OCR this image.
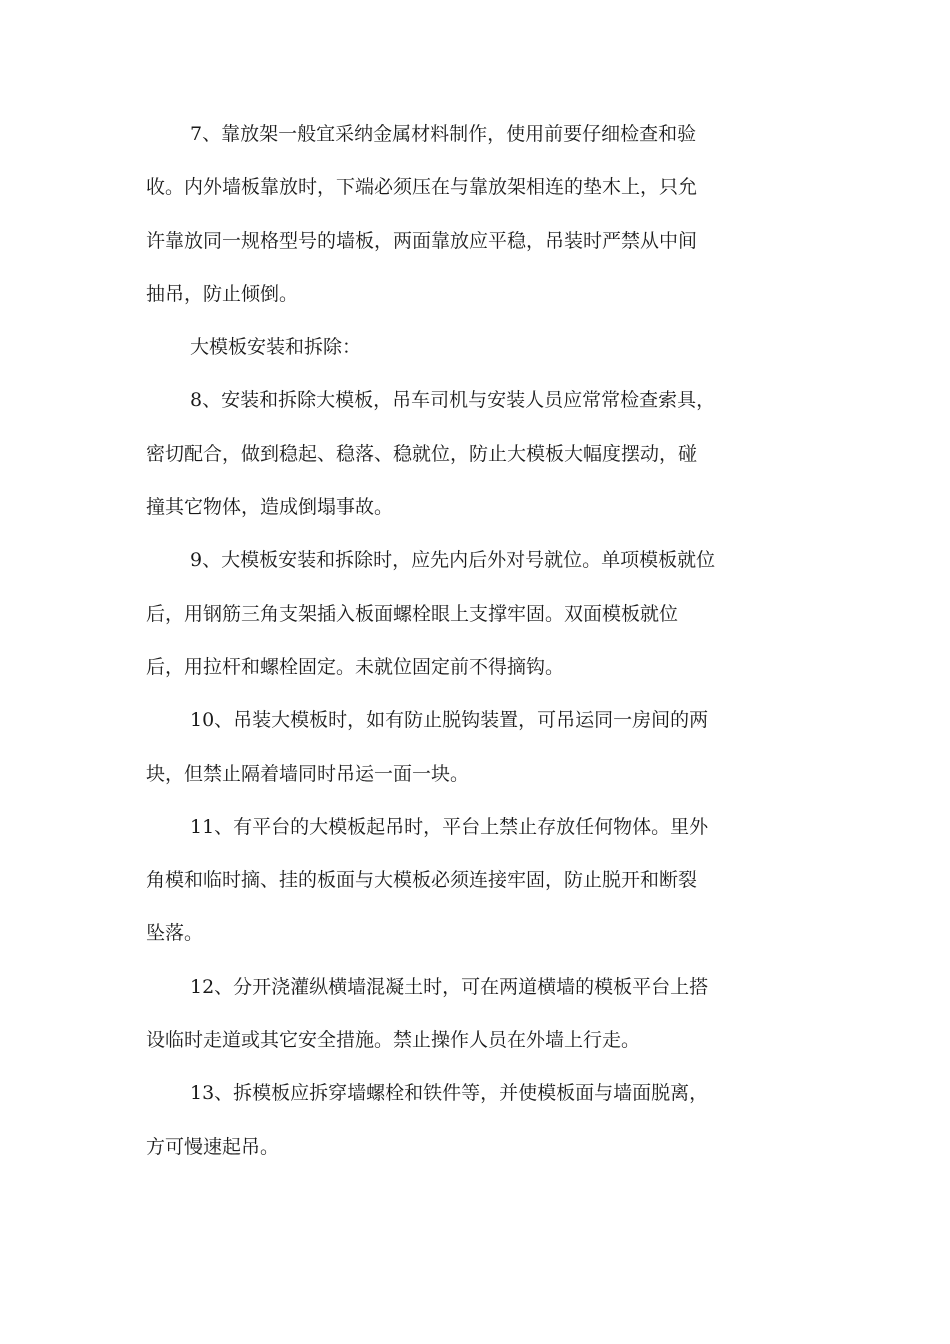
7、靠放架一般宜采纳金属材料制作，使用前要仔细检查和验
收。内外墙板靠放时，下端必须压在与靠放架相连的垫木上，只允
许靠放同一规格型号的墙板，两面靠放应平稳，吊装时严禁从中间
抽吊，防止倾倒。

大模板安装和拆除：

8、安装和拆除大模板，吊车司机与安装人员应常常检查索具，
密切配合，做到稳起、稳落、稳就位，防止大模板大幅度摆动，碰
撞其它物体，造成倒塌事故。

9、大模板安装和拆除时，应先内后外对号就位。单项模板就位
后，用钢筋三角支架插入板面螺栓眼上支撑牢固。双面模板就位
后，用拉杆和螺栓固定。未就位固定前不得摘钩。

10、吊装大模板时，如有防止脱钩装置，可吊运同一房间的两
块，但禁止隔着墙同时吊运一面一块。

11、有平台的大模板起吊时，平台上禁止存放任何物体。里外
角模和临时摘、挂的板面与大模板必须连接牢固，防止脱开和断裂
坠落。

12、分开浇灌纵横墙混凝土时，可在两道横墙的模板平台上搭
设临时走道或其它安全措施。禁止操作人员在外墙上行走。

13、拆模板应拆穿墙螺栓和铁件等，并使模板面与墙面脱离，
方可慢速起吊。
